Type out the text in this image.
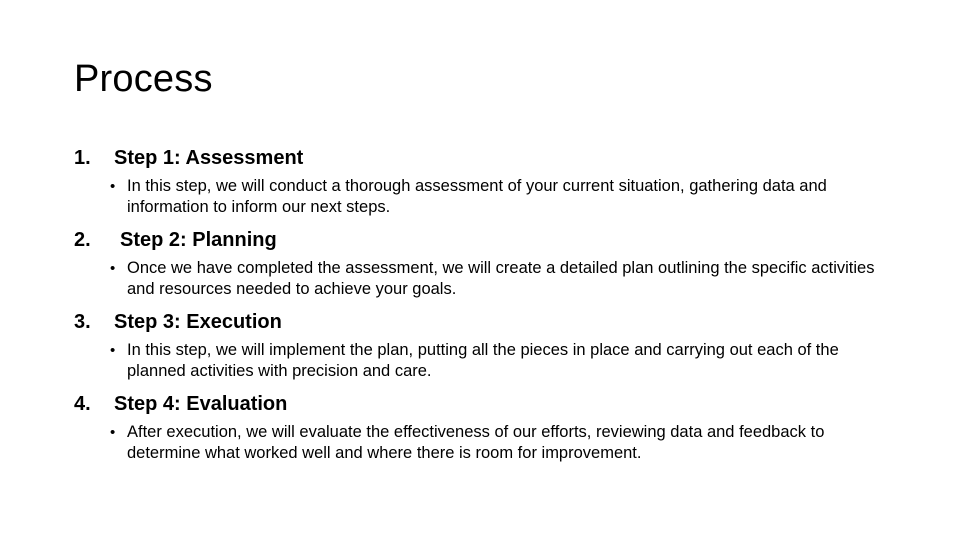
Process
1. Step 1: Assessment
• In this step, we will conduct a thorough assessment of your current situation, gathering data and information to inform our next steps.
2. Step 2: Planning
• Once we have completed the assessment, we will create a detailed plan outlining the specific activities and resources needed to achieve your goals.
3. Step 3: Execution
• In this step, we will implement the plan, putting all the pieces in place and carrying out each of the planned activities with precision and care.
4. Step 4: Evaluation
• After execution, we will evaluate the effectiveness of our efforts, reviewing data and feedback to determine what worked well and where there is room for improvement.
